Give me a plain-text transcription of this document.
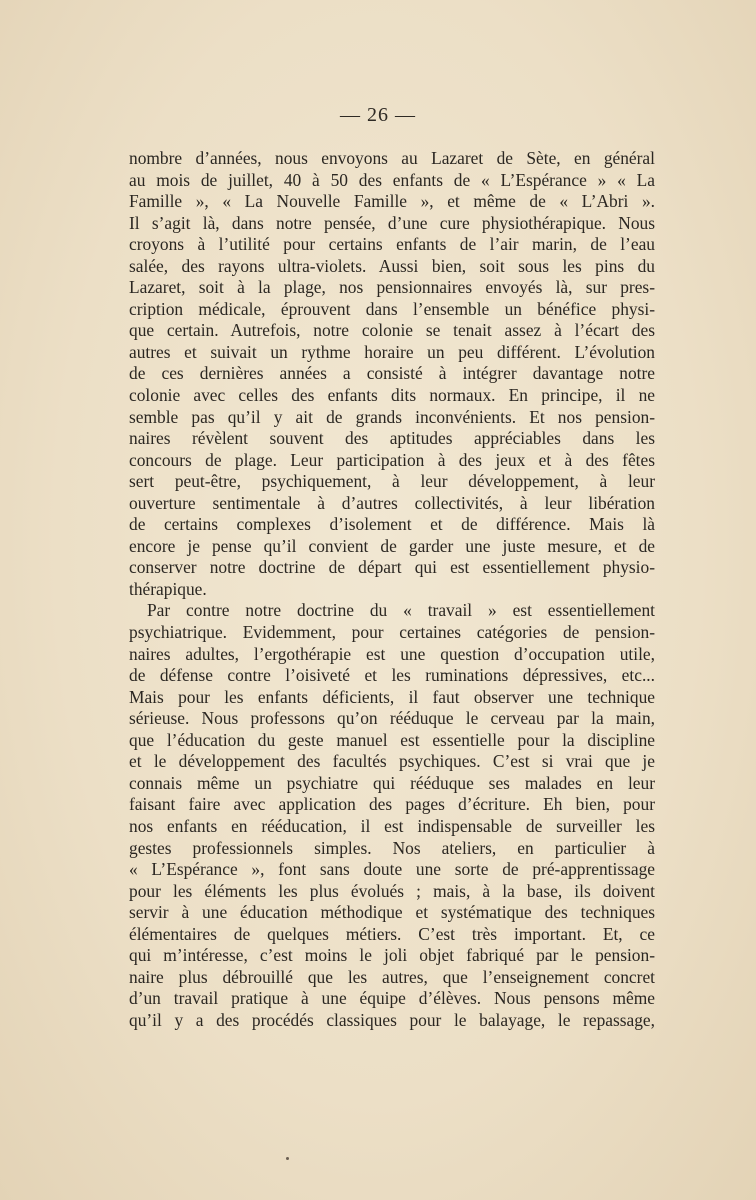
— 26 —
nombre d’années, nous envoyons au Lazaret de Sète, en général
au mois de juillet, 40 à 50 des enfants de « L’Espérance » « La
Famille », « La Nouvelle Famille », et même de « L’Abri ».
Il s’agit là, dans notre pensée, d’une cure physiothérapique. Nous
croyons à l’utilité pour certains enfants de l’air marin, de l’eau
salée, des rayons ultra-violets. Aussi bien, soit sous les pins du
Lazaret, soit à la plage, nos pensionnaires envoyés là, sur pres-
cription médicale, éprouvent dans l’ensemble un bénéfice physi-
que certain. Autrefois, notre colonie se tenait assez à l’écart des
autres et suivait un rythme horaire un peu différent. L’évolution
de ces dernières années a consisté à intégrer davantage notre
colonie avec celles des enfants dits normaux. En principe, il ne
semble pas qu’il y ait de grands inconvénients. Et nos pension-
naires révèlent souvent des aptitudes appréciables dans les
concours de plage. Leur participation à des jeux et à des fêtes
sert peut-être, psychiquement, à leur développement, à leur
ouverture sentimentale à d’autres collectivités, à leur libération
de certains complexes d’isolement et de différence. Mais là
encore je pense qu’il convient de garder une juste mesure, et de
conserver notre doctrine de départ qui est essentiellement physio-
thérapique.
Par contre notre doctrine du « travail » est essentiellement
psychiatrique. Evidemment, pour certaines catégories de pension-
naires adultes, l’ergothérapie est une question d’occupation utile,
de défense contre l’oisiveté et les ruminations dépressives, etc...
Mais pour les enfants déficients, il faut observer une technique
sérieuse. Nous professons qu’on rééduque le cerveau par la main,
que l’éducation du geste manuel est essentielle pour la discipline
et le développement des facultés psychiques. C’est si vrai que je
connais même un psychiatre qui rééduque ses malades en leur
faisant faire avec application des pages d’écriture. Eh bien, pour
nos enfants en rééducation, il est indispensable de surveiller les
gestes professionnels simples. Nos ateliers, en particulier à
« L’Espérance », font sans doute une sorte de pré-apprentissage
pour les éléments les plus évolués ; mais, à la base, ils doivent
servir à une éducation méthodique et systématique des techniques
élémentaires de quelques métiers. C’est très important. Et, ce
qui m’intéresse, c’est moins le joli objet fabriqué par le pension-
naire plus débrouillé que les autres, que l’enseignement concret
d’un travail pratique à une équipe d’élèves. Nous pensons même
qu’il y a des procédés classiques pour le balayage, le repassage,
